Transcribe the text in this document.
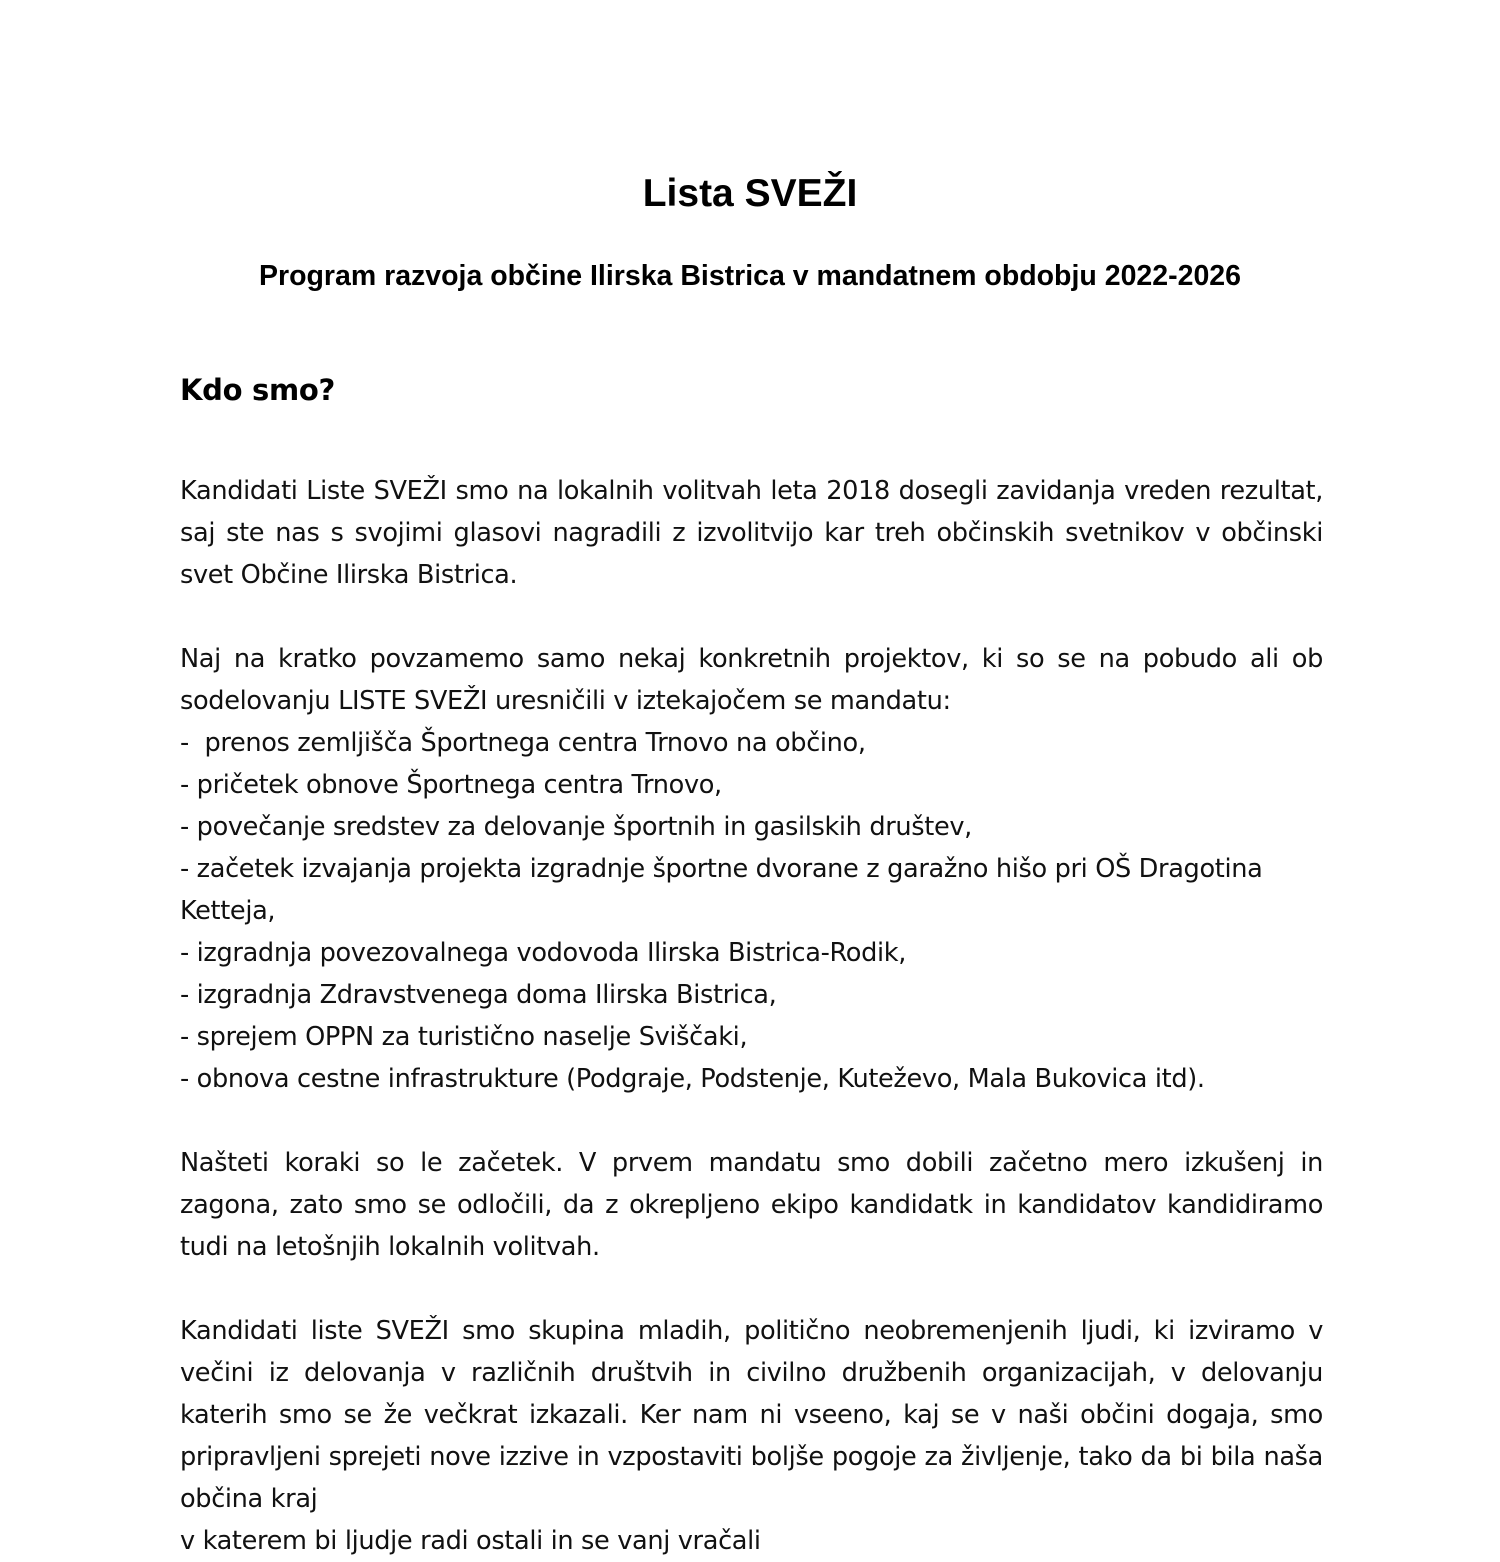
Lista SVEŽI
Program razvoja občine Ilirska Bistrica v mandatnem obdobju 2022-2026
Kdo smo?

Kandidati Liste SVEŽI smo na lokalnih volitvah leta 2018 dosegli zavidanja vreden rezultat, saj ste nas s svojimi glasovi nagradili z izvolitvijo kar treh občinskih svetnikov v občinski svet Občine Ilirska Bistrica.

Naj na kratko povzamemo samo nekaj konkretnih projektov, ki so se na pobudo ali ob sodelovanju LISTE SVEŽI uresničili v iztekajočem se mandatu:

-  prenos zemljišča Športnega centra Trnovo na občino,
- pričetek obnove Športnega centra Trnovo,
- povečanje sredstev za delovanje športnih in gasilskih društev,
- začetek izvajanja projekta izgradnje športne dvorane z garažno hišo pri OŠ Dragotina Ketteja,
- izgradnja povezovalnega vodovoda Ilirska Bistrica-Rodik,
- izgradnja Zdravstvenega doma Ilirska Bistrica,
- sprejem OPPN za turistično naselje Sviščaki,
- obnova cestne infrastrukture (Podgraje, Podstenje, Kuteževo, Mala Bukovica itd).

Našteti koraki so le začetek. V prvem mandatu smo dobili začetno mero izkušenj in zagona, zato smo se odločili, da z okrepljeno ekipo kandidatk in kandidatov kandidiramo tudi na letošnjih lokalnih volitvah.

Kandidati liste SVEŽI smo skupina mladih, politično neobremenjenih ljudi, ki izviramo v večini iz delovanja v različnih društvih in civilno družbenih organizacijah, v delovanju katerih smo se že večkrat izkazali. Ker nam ni vseeno, kaj se v naši občini dogaja, smo pripravljeni sprejeti nove izzive in vzpostaviti boljše pogoje za življenje, tako da bi bila naša občina kraj

v katerem bi ljudje radi ostali in se vanj vračali
